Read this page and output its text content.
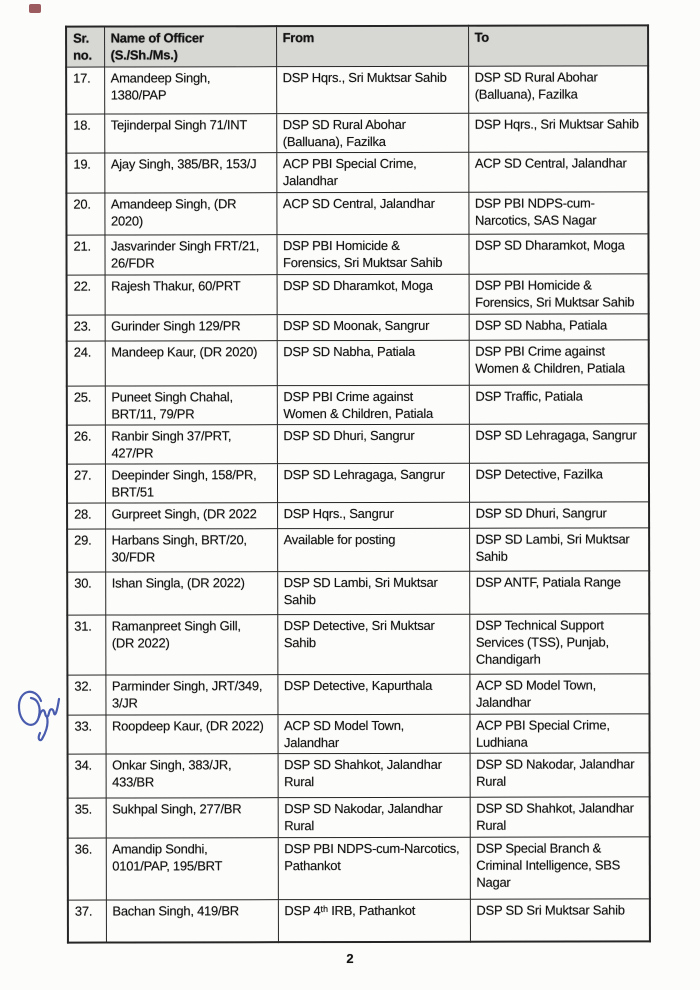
Sr.
no.	Name of Officer
(S./Sh./Ms.)	From	To
17.	Amandeep Singh,
1380/PAP	DSP Hqrs., Sri Muktsar Sahib	DSP SD Rural Abohar
(Balluana), Fazilka
18.	Tejinderpal Singh 71/INT	DSP SD Rural Abohar
(Balluana), Fazilka	DSP Hqrs., Sri Muktsar Sahib
19.	Ajay Singh, 385/BR, 153/J	ACP PBI Special Crime,
Jalandhar	ACP SD Central, Jalandhar
20.	Amandeep Singh, (DR
2020)	ACP SD Central, Jalandhar	DSP PBI NDPS-cum-
Narcotics, SAS Nagar
21.	Jasvarinder Singh FRT/21,
26/FDR	DSP PBI Homicide &
Forensics, Sri Muktsar Sahib	DSP SD Dharamkot, Moga
22.	Rajesh Thakur, 60/PRT	DSP SD Dharamkot, Moga	DSP PBI Homicide &
Forensics, Sri Muktsar Sahib
23.	Gurinder Singh 129/PR	DSP SD Moonak, Sangrur	DSP SD Nabha, Patiala
24.	Mandeep Kaur, (DR 2020)	DSP SD Nabha, Patiala	DSP PBI Crime against
Women & Children, Patiala
25.	Puneet Singh Chahal,
BRT/11, 79/PR	DSP PBI Crime against
Women & Children, Patiala	DSP Traffic, Patiala
26.	Ranbir Singh 37/PRT,
427/PR	DSP SD Dhuri, Sangrur	DSP SD Lehragaga, Sangrur
27.	Deepinder Singh, 158/PR,
BRT/51	DSP SD Lehragaga, Sangrur	DSP Detective, Fazilka
28.	Gurpreet Singh, (DR 2022	DSP Hqrs., Sangrur	DSP SD Dhuri, Sangrur
29.	Harbans Singh, BRT/20,
30/FDR	Available for posting	DSP SD Lambi, Sri Muktsar
Sahib
30.	Ishan Singla, (DR 2022)	DSP SD Lambi, Sri Muktsar
Sahib	DSP ANTF, Patiala Range
31.	Ramanpreet Singh Gill,
(DR 2022)	DSP Detective, Sri Muktsar
Sahib	DSP Technical Support
Services (TSS), Punjab,
Chandigarh
32.	Parminder Singh, JRT/349,
3/JR	DSP Detective, Kapurthala	ACP SD Model Town,
Jalandhar
33.	Roopdeep Kaur, (DR 2022)	ACP SD Model Town,
Jalandhar	ACP PBI Special Crime,
Ludhiana
34.	Onkar Singh, 383/JR,
433/BR	DSP SD Shahkot, Jalandhar
Rural	DSP SD Nakodar, Jalandhar
Rural
35.	Sukhpal Singh, 277/BR	DSP SD Nakodar, Jalandhar
Rural	DSP SD Shahkot, Jalandhar
Rural
36.	Amandip Sondhi,
0101/PAP, 195/BRT	DSP PBI NDPS-cum-Narcotics,
Pathankot	DSP Special Branch &
Criminal Intelligence, SBS
Nagar
37.	Bachan Singh, 419/BR	DSP 4ᵗʰ IRB, Pathankot	DSP SD Sri Muktsar Sahib
2
